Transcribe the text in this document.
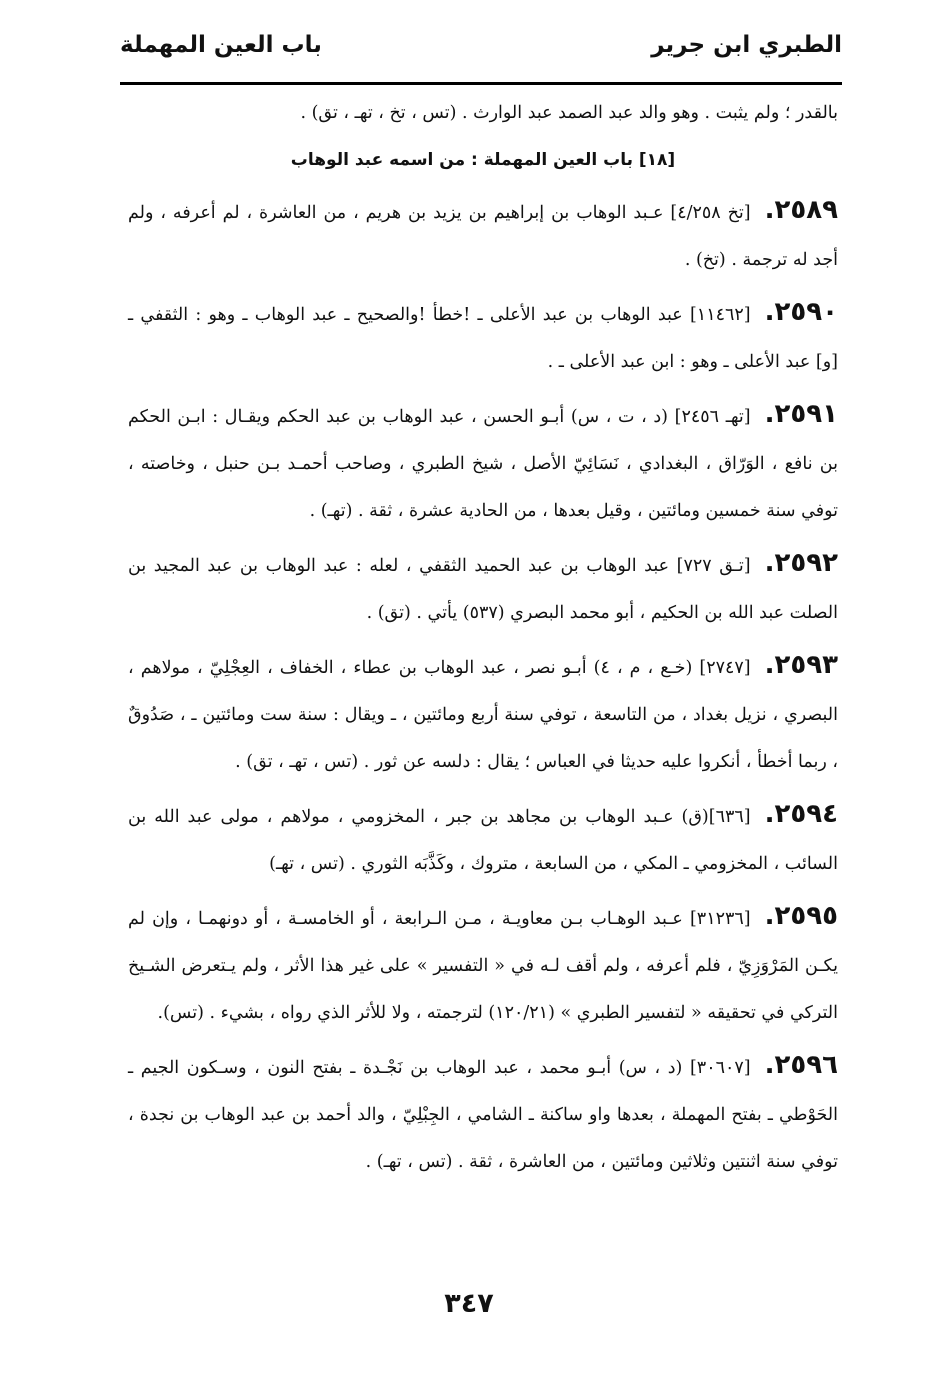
الطبري ابن جرير
باب العين المهملة

بالقدر ؛ ولم يثبت . وهو والد عبد الصمد عبد الوارث . (تس ، تخ ، تهـ ، تق) .

[١٨] باب العين المهملة : من اسمه عبد الوهاب

٢٥٨٩.[تخ ٤/٢٥٨] عـبد الوهاب بن إبراهيم بن يزيد بن هريم ، من العاشرة ، لم أعرفه ، ولم أجد له ترجمة . (تخ) .

٢٥٩٠.[١١٤٦٢] عبد الوهاب بن عبد الأعلى ـ !خطأ !والصحيح ـ عبد الوهاب ـ وهو : الثقفي ـ [و] عبد الأعلى ـ وهو : ابن عبد الأعلى ـ .

٢٥٩١.[تهـ ٢٤٥٦] (د ، ت ، س) أبـو الحسن ، عبد الوهاب بن عبد الحكم ويقـال : ابـن الحكم بن نافع ، الوَرّاق ، البغدادي ، نَسَائِيّ الأصل ، شيخ الطبري ، وصاحب أحمـد بـن حنبل ، وخاصته ، توفي سنة خمسين ومائتين ، وقيل بعدها ، من الحادية عشرة ، ثقة . (تهـ) .

٢٥٩٢.[تـق ٧٢٧] عبد الوهاب بن عبد الحميد الثقفي ، لعله : عبد الوهاب بن عبد المجيد بن الصلت عبد الله بن الحكيم ، أبو محمد البصري (٥٣٧) يأتي . (تق) .

٢٥٩٣.[٢٧٤٧] (خـع ، م ، ٤) أبـو نصر ، عبد الوهاب بن عطاء ، الخفاف ، العِجْلِيّ ، مولاهم ، البصري ، نزيل بغداد ، من التاسعة ، توفي سنة أربع ومائتين ، ـ ويقال : سنة ست ومائتين ـ ، صَدُوقٌ ، ربما أخطأ ، أنكروا عليه حديثا في العباس ؛ يقال : دلسه عن ثور . (تس ، تهـ ، تق) .

٢٥٩٤.[٦٣٦](ق) عـبد الوهاب بن مجاهد بن جبر ، المخزومي ، مولاهم ، مولى عبد الله بن السائب ، المخزومي ـ المكي ، من السابعة ، متروك ، وكَذَّبَه الثوري . (تس ، تهـ)

٢٥٩٥.[٣١٢٣٦] عـبد الوهـاب بـن معاويـة ، مـن الـرابعة ، أو الخامسـة ، أو دونهمـا ، وإن لم يكـن المَرْوَزِيّ ، فلم أعرفه ، ولم أقف لـه في « التفسير » على غير هذا الأثر ، ولم يـتعرض الشـيخ التركي في تحقيقه « لتفسير الطبري » (١٢٠/٢١) لترجمته ، ولا للأثر الذي رواه ، بشيء . (تس).

٢٥٩٦.[٣٠٦٠٧] (د ، س) أبـو محمد ، عبد الوهاب بن نَجْـدة ـ بفتح النون ، وسـكون الجيم ـ الحَوْطي ـ بفتح المهملة ، بعدها واو ساكنة ـ الشامي ، الجِبْلِيّ ، والد أحمد بن عبد الوهاب بن نجدة ، توفي سنة اثنتين وثلاثين ومائتين ، من العاشرة ، ثقة . (تس ، تهـ) .

٣٤٧
